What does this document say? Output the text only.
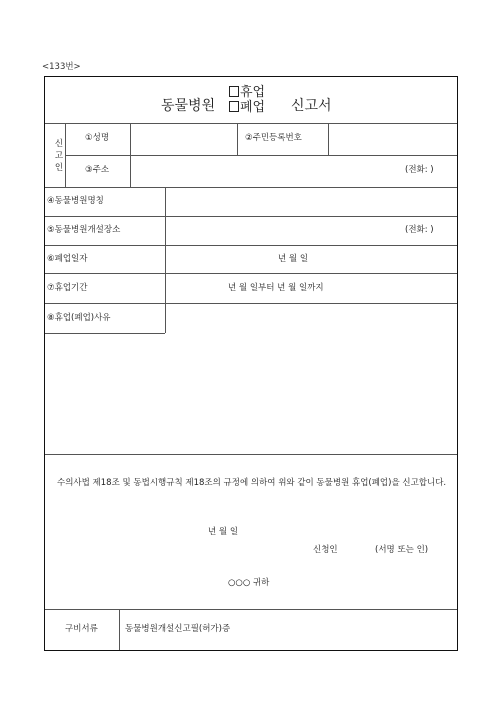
<133번>
동물병원
휴업
폐업 신고서
신
고
인
①성명	②주민등록번호
③주소	(전화: )
④동물병원명칭
⑤동물병원개설장소	(전화: )
⑥폐업일자	년 월 일
⑦휴업기간	년 월 일부터 년 월 일까지
⑧휴업(폐업)사유
수의사법 제18조 및 동법시행규칙 제18조의 규정에 의하여 위와 같이 동물병원 휴업(폐업)을 신고합니다.
년 월 일
신청인	(서명 또는 인)
○○○ 귀하
구비서류	동물병원개설신고필(허가)증
